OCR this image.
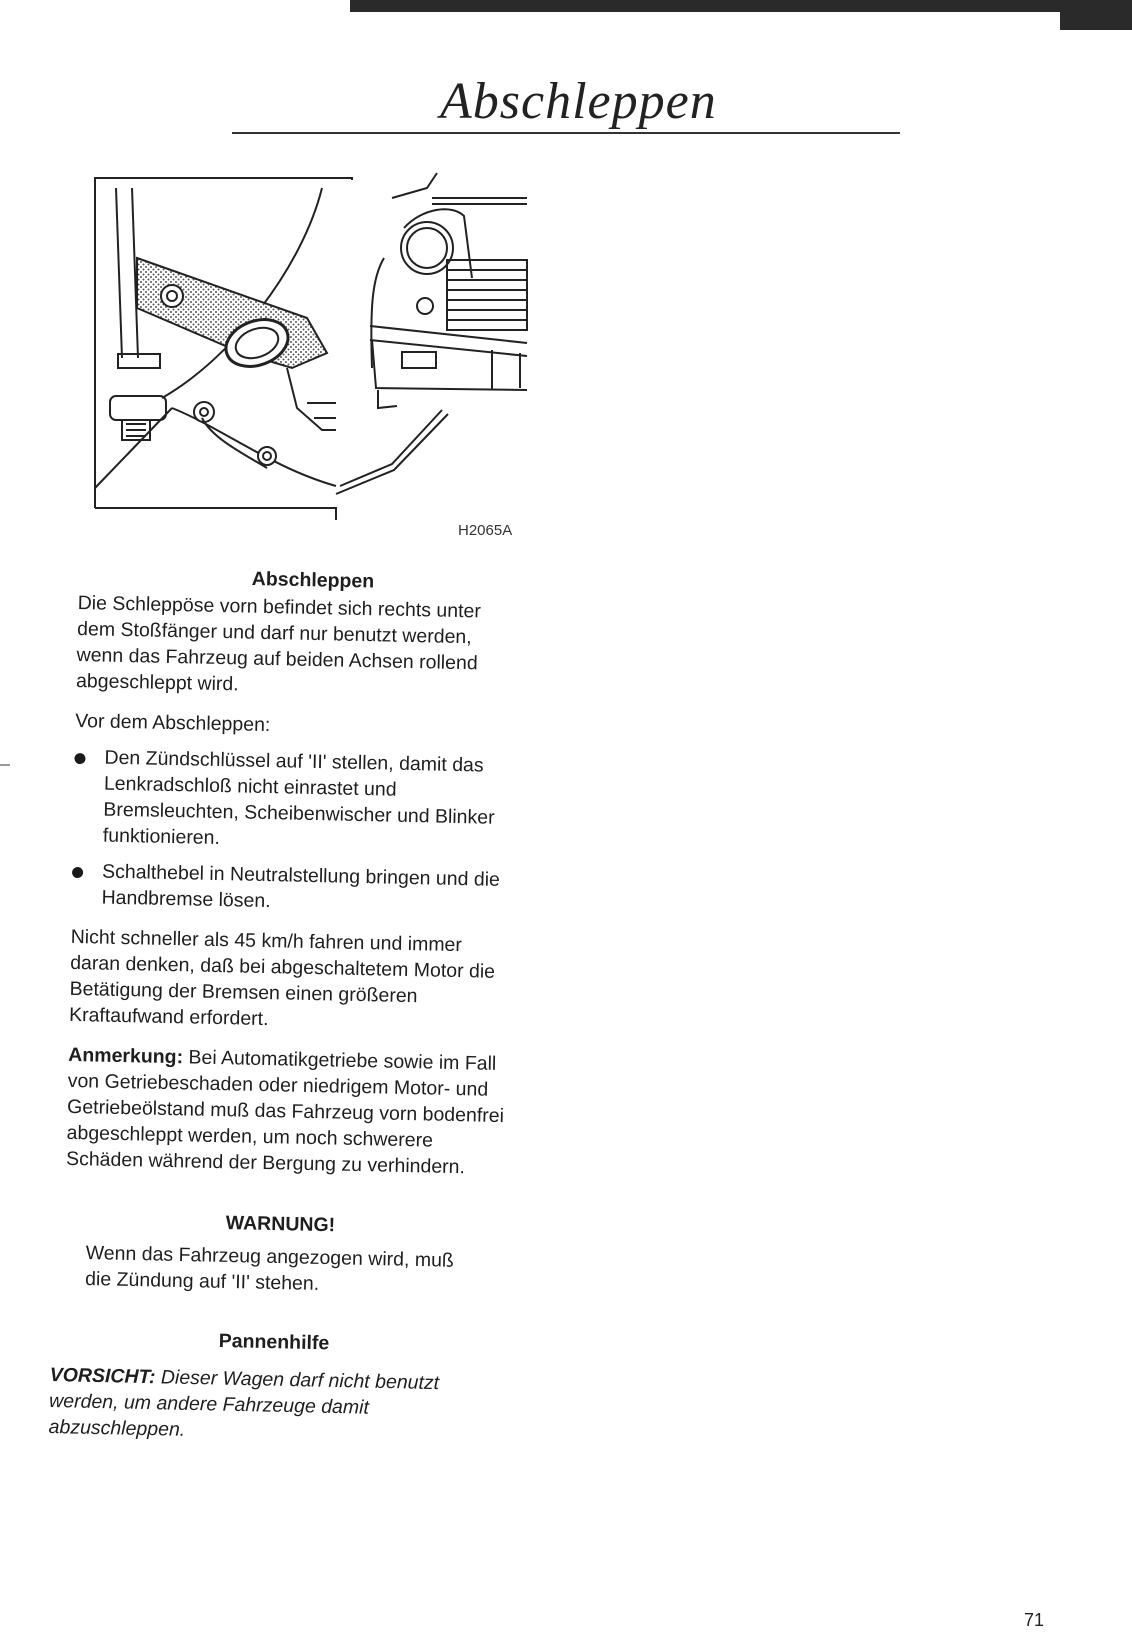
Abschleppen
H2065A
Abschleppen

Die Schleppöse vorn befindet sich rechts unter dem Stoßfänger und darf nur benutzt werden, wenn das Fahrzeug auf beiden Achsen rollend abgeschleppt wird.

Vor dem Abschleppen:

Den Zündschlüssel auf 'II' stellen, damit das Lenkradschloß nicht einrastet und Bremsleuchten, Scheibenwischer und Blinker funktionieren.
Schalthebel in Neutralstellung bringen und die Handbremse lösen.

Nicht schneller als 45 km/h fahren und immer daran denken, daß bei abgeschaltetem Motor die Betätigung der Bremsen einen größeren Kraftaufwand erfordert.

Anmerkung: Bei Automatikgetriebe sowie im Fall von Getriebeschaden oder niedrigem Motor- und Getriebeölstand muß das Fahrzeug vorn bodenfrei abgeschleppt werden, um noch schwerere Schäden während der Bergung zu verhindern.

WARNUNG!
Wenn das Fahrzeug angezogen wird, muß die Zündung auf 'II' stehen.
Pannenhilfe
VORSICHT: Dieser Wagen darf nicht benutzt werden, um andere Fahrzeuge damit abzuschleppen.
71
